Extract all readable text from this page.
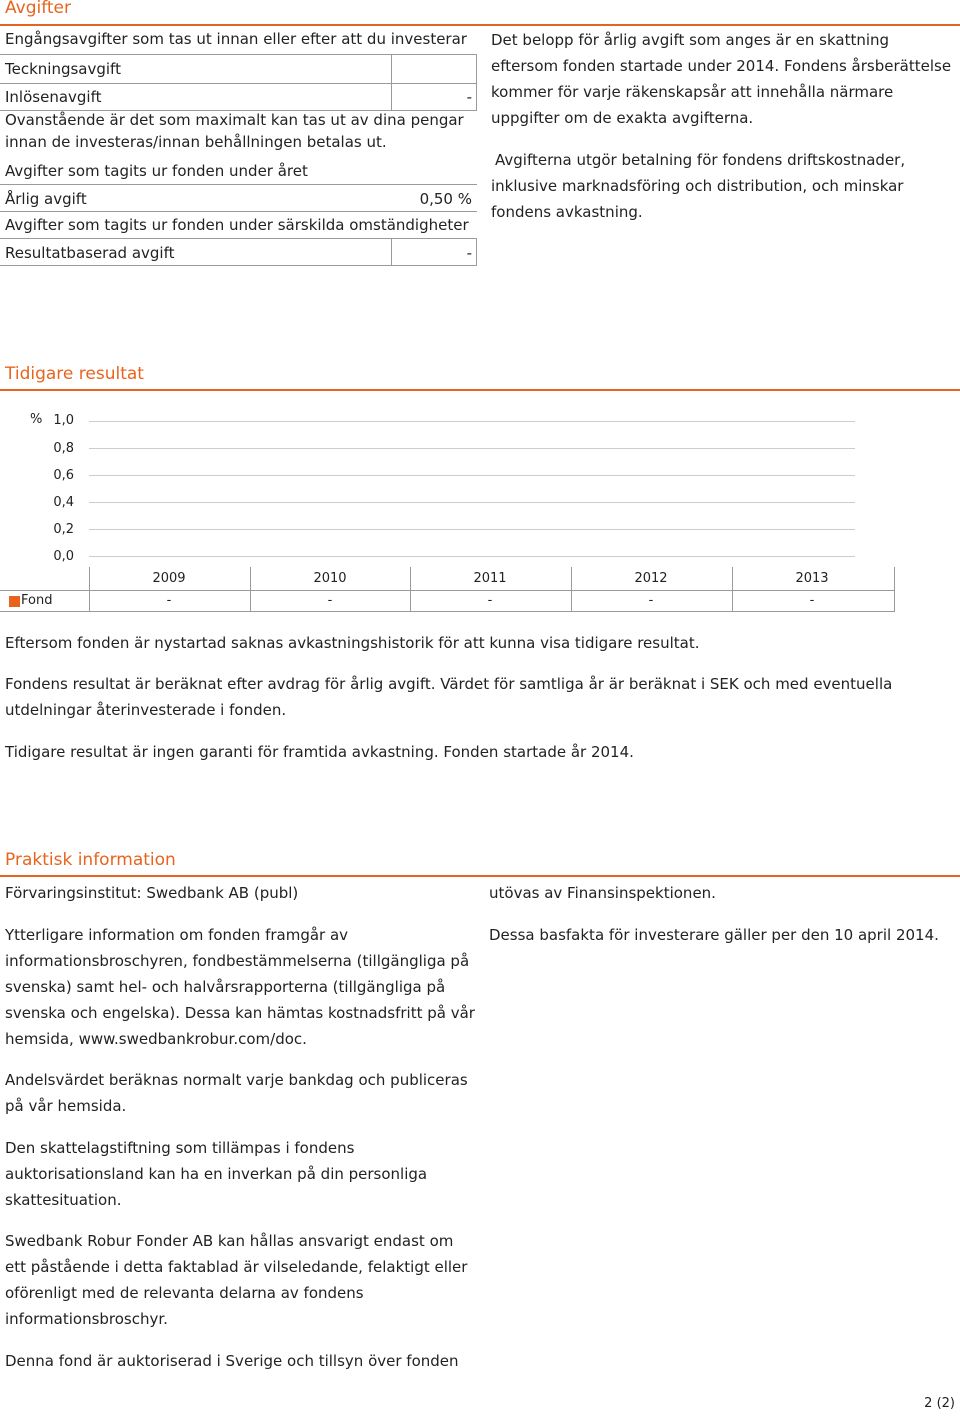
Avgifter
Engångsavgifter som tas ut innan eller efter att du investerar
Teckningsavgift
Inlösenavgift	-
Ovanstående är det som maximalt kan tas ut av dina pengar
innan de investeras/innan behållningen betalas ut.
Avgifter som tagits ur fonden under året
Årlig avgift	0,50 %
Avgifter som tagits ur fonden under särskilda omständigheter
Resultatbaserad avgift	-
Det belopp för årlig avgift som anges är en skattning
eftersom fonden startade under 2014. Fondens årsberättelse
kommer för varje räkenskapsår att innehålla närmare
uppgifter om de exakta avgifterna.
Avgifterna utgör betalning för fondens driftskostnader,
inklusive marknadsföring och distribution, och minskar
fondens avkastning.
Tidigare resultat
% 1,0
0,8
0,6
0,4
0,2
0,0
2009	2010	2011	2012	2013
Fond	-	-	-	-	-
Eftersom fonden är nystartad saknas avkastningshistorik för att kunna visa tidigare resultat.
Fondens resultat är beräknat efter avdrag för årlig avgift. Värdet för samtliga år är beräknat i SEK och med eventuella
utdelningar återinvesterade i fonden.
Tidigare resultat är ingen garanti för framtida avkastning. Fonden startade år 2014.
Praktisk information
Förvaringsinstitut: Swedbank AB (publ)
Ytterligare information om fonden framgår av
informationsbroschyren, fondbestämmelserna (tillgängliga på
svenska) samt hel- och halvårsrapporterna (tillgängliga på
svenska och engelska). Dessa kan hämtas kostnadsfritt på vår
hemsida, www.swedbankrobur.com/doc.
Andelsvärdet beräknas normalt varje bankdag och publiceras
på vår hemsida.
Den skattelagstiftning som tillämpas i fondens
auktorisationsland kan ha en inverkan på din personliga
skattesituation.
Swedbank Robur Fonder AB kan hållas ansvarigt endast om
ett påstående i detta faktablad är vilseledande, felaktigt eller
oförenligt med de relevanta delarna av fondens
informationsbroschyr.
Denna fond är auktoriserad i Sverige och tillsyn över fonden
utövas av Finansinspektionen.
Dessa basfakta för investerare gäller per den 10 april 2014.
2 (2)
